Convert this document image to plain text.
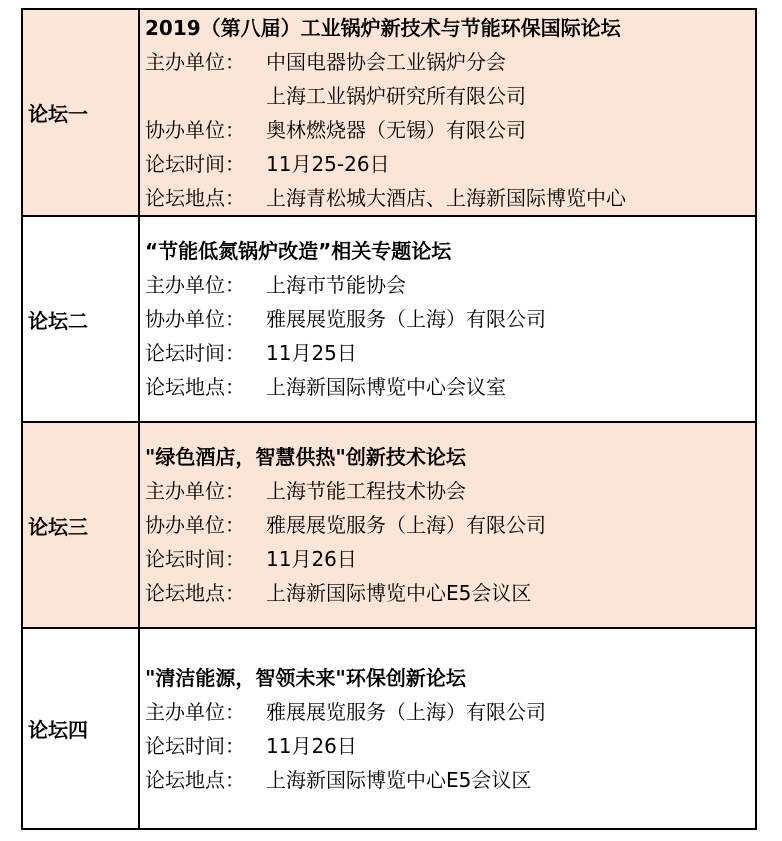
论坛一
2019（第八届）工业锅炉新技术与节能环保国际论坛
主办单位：	中国电器协会工业锅炉分会
上海工业锅炉研究所有限公司
协办单位：	奥林燃烧器（无锡）有限公司
论坛时间：	11月25-26日
论坛地点：	上海青松城大酒店、上海新国际博览中心
论坛二
“节能低氮锅炉改造”相关专题论坛
主办单位：	上海市节能协会
协办单位：	雅展展览服务（上海）有限公司
论坛时间：	11月25日
论坛地点：	上海新国际博览中心会议室
论坛三
"绿色酒店，智慧供热"创新技术论坛
主办单位：	上海节能工程技术协会
协办单位：	雅展展览服务（上海）有限公司
论坛时间：	11月26日
论坛地点：	上海新国际博览中心E5会议区
论坛四
"清洁能源，智领未来"环保创新论坛
主办单位：	雅展展览服务（上海）有限公司
论坛时间：	11月26日
论坛地点：	上海新国际博览中心E5会议区
